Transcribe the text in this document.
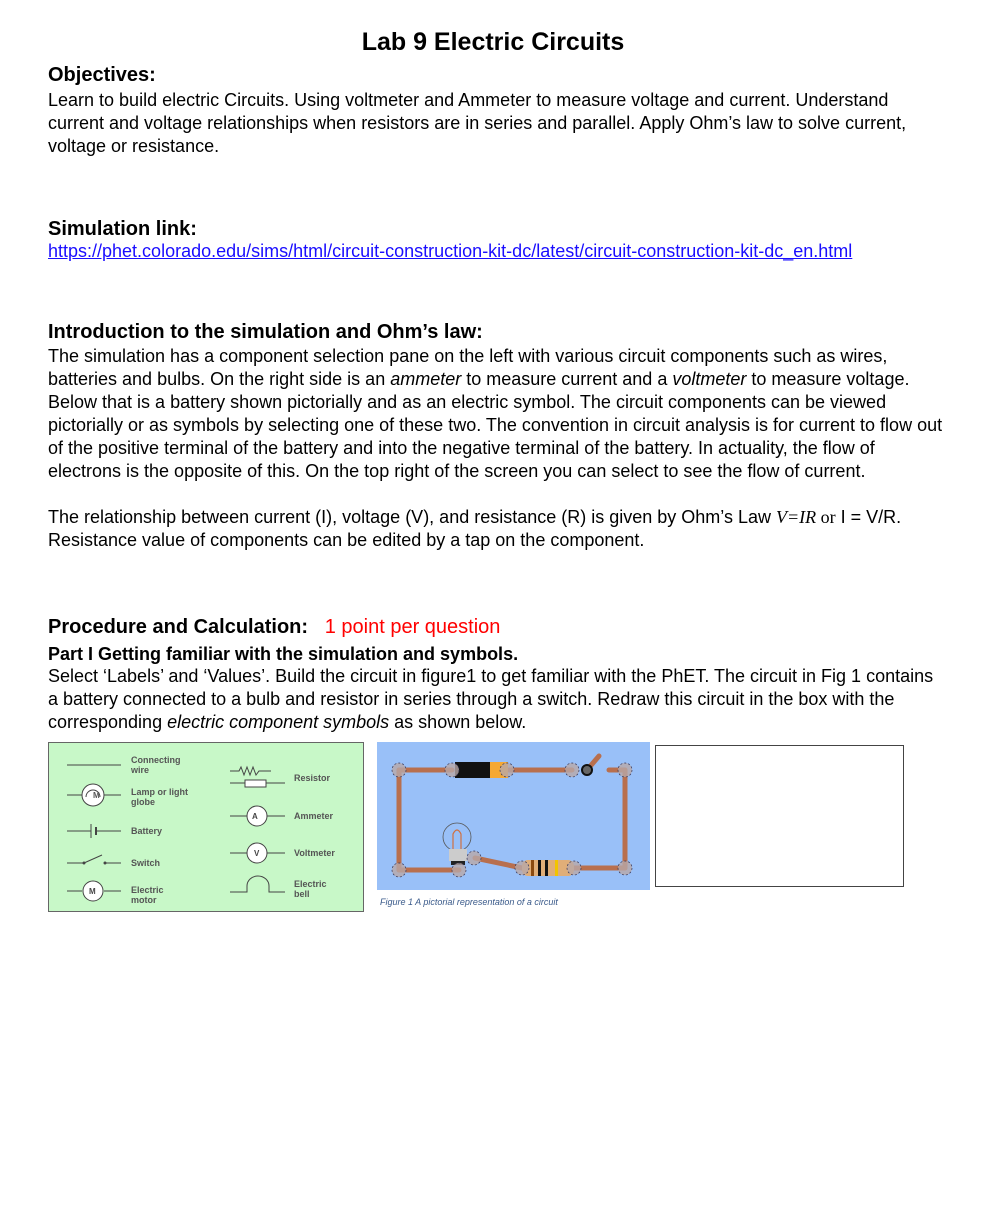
Lab 9 Electric Circuits

Objectives:

Learn to build electric Circuits. Using voltmeter and Ammeter to measure voltage and current. Understand current and voltage relationships when resistors are in series and parallel. Apply Ohm’s law to solve current, voltage or resistance.

Simulation link:

https://phet.colorado.edu/sims/html/circuit-construction-kit-dc/latest/circuit-construction-kit-dc_en.html

Introduction to the simulation and Ohm’s law:

The simulation has a component selection pane on the left with various circuit components such as wires, batteries and bulbs. On the right side is an ammeter to measure current and a voltmeter to measure voltage. Below that is a battery shown pictorially and as an electric symbol. The circuit components can be viewed pictorially or as symbols by selecting one of these two. The convention in circuit analysis is for current to flow out of the positive terminal of the battery and into the negative terminal of the battery. In actuality, the flow of electrons is the opposite of this. On the top right of the screen you can select to see the flow of current.

The relationship between current (I), voltage (V), and resistance (R) is given by Ohm’s Law V=IR or I = V/R. Resistance value of components can be edited by a tap on the component.

Procedure and Calculation: 1 point per question

Part I Getting familiar with the simulation and symbols.

Select ‘Labels’ and ‘Values’. Build the circuit in figure1 to get familiar with the PhET. The circuit in Fig 1 contains a battery connected to a bulb and resistor in series through a switch. Redraw this circuit in the box with the corresponding electric component symbols as shown below.

M
A
V
M
Connecting wire
Lamp or light globe
Battery
Switch
Electric motor
Resistor
Ammeter
Voltmeter
Electric bell
Figure 1 A pictorial representation of a circuit
